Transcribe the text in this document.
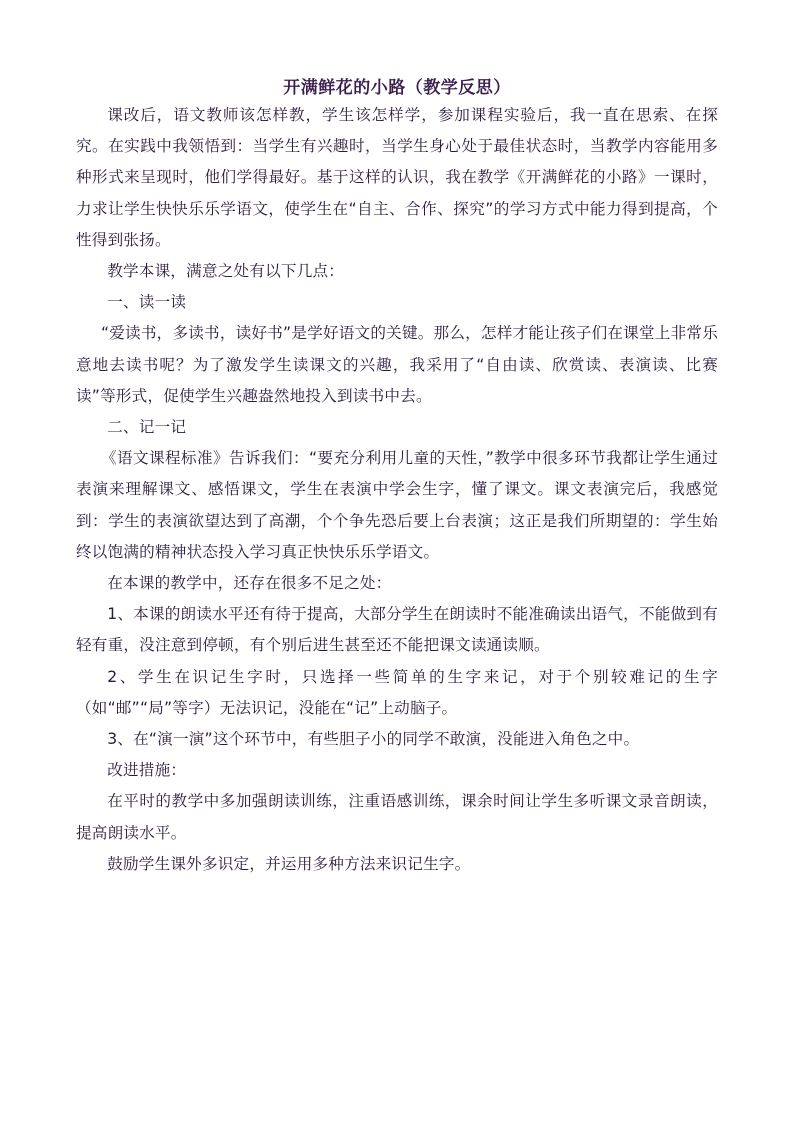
开满鲜花的小路（教学反思）

课改后，语文教师该怎样教，学生该怎样学，参加课程实验后，我一直在思索、在探究。在实践中我领悟到：当学生有兴趣时，当学生身心处于最佳状态时，当教学内容能用多种形式来呈现时，他们学得最好。基于这样的认识，我在教学《开满鲜花的小路》一课时，力求让学生快快乐乐学语文，使学生在“自主、合作、探究”的学习方式中能力得到提高，个性得到张扬。

教学本课，满意之处有以下几点：

一、读一读

“爱读书，多读书，读好书”是学好语文的关键。那么，怎样才能让孩子们在课堂上非常乐意地去读书呢？为了激发学生读课文的兴趣，我采用了“自由读、欣赏读、表演读、比赛读”等形式，促使学生兴趣盎然地投入到读书中去。

二、记一记

《语文课程标准》告诉我们：“要充分利用儿童的天性，”教学中很多环节我都让学生通过表演来理解课文、感悟课文，学生在表演中学会生字，懂了课文。课文表演完后，我感觉到：学生的表演欲望达到了高潮，个个争先恐后要上台表演；这正是我们所期望的：学生始终以饱满的精神状态投入学习真正快快乐乐学语文。

在本课的教学中，还存在很多不足之处：

1、本课的朗读水平还有待于提高，大部分学生在朗读时不能准确读出语气，不能做到有轻有重，没注意到停顿，有个别后进生甚至还不能把课文读通读顺。

2、学生在识记生字时，只选择一些简单的生字来记，对于个别较难记的生字（如“邮”“局”等字）无法识记，没能在“记”上动脑子。

3、在“演一演”这个环节中，有些胆子小的同学不敢演，没能进入角色之中。

改进措施：

在平时的教学中多加强朗读训练，注重语感训练，课余时间让学生多听课文录音朗读，提高朗读水平。

鼓励学生课外多识定，并运用多种方法来识记生字。
